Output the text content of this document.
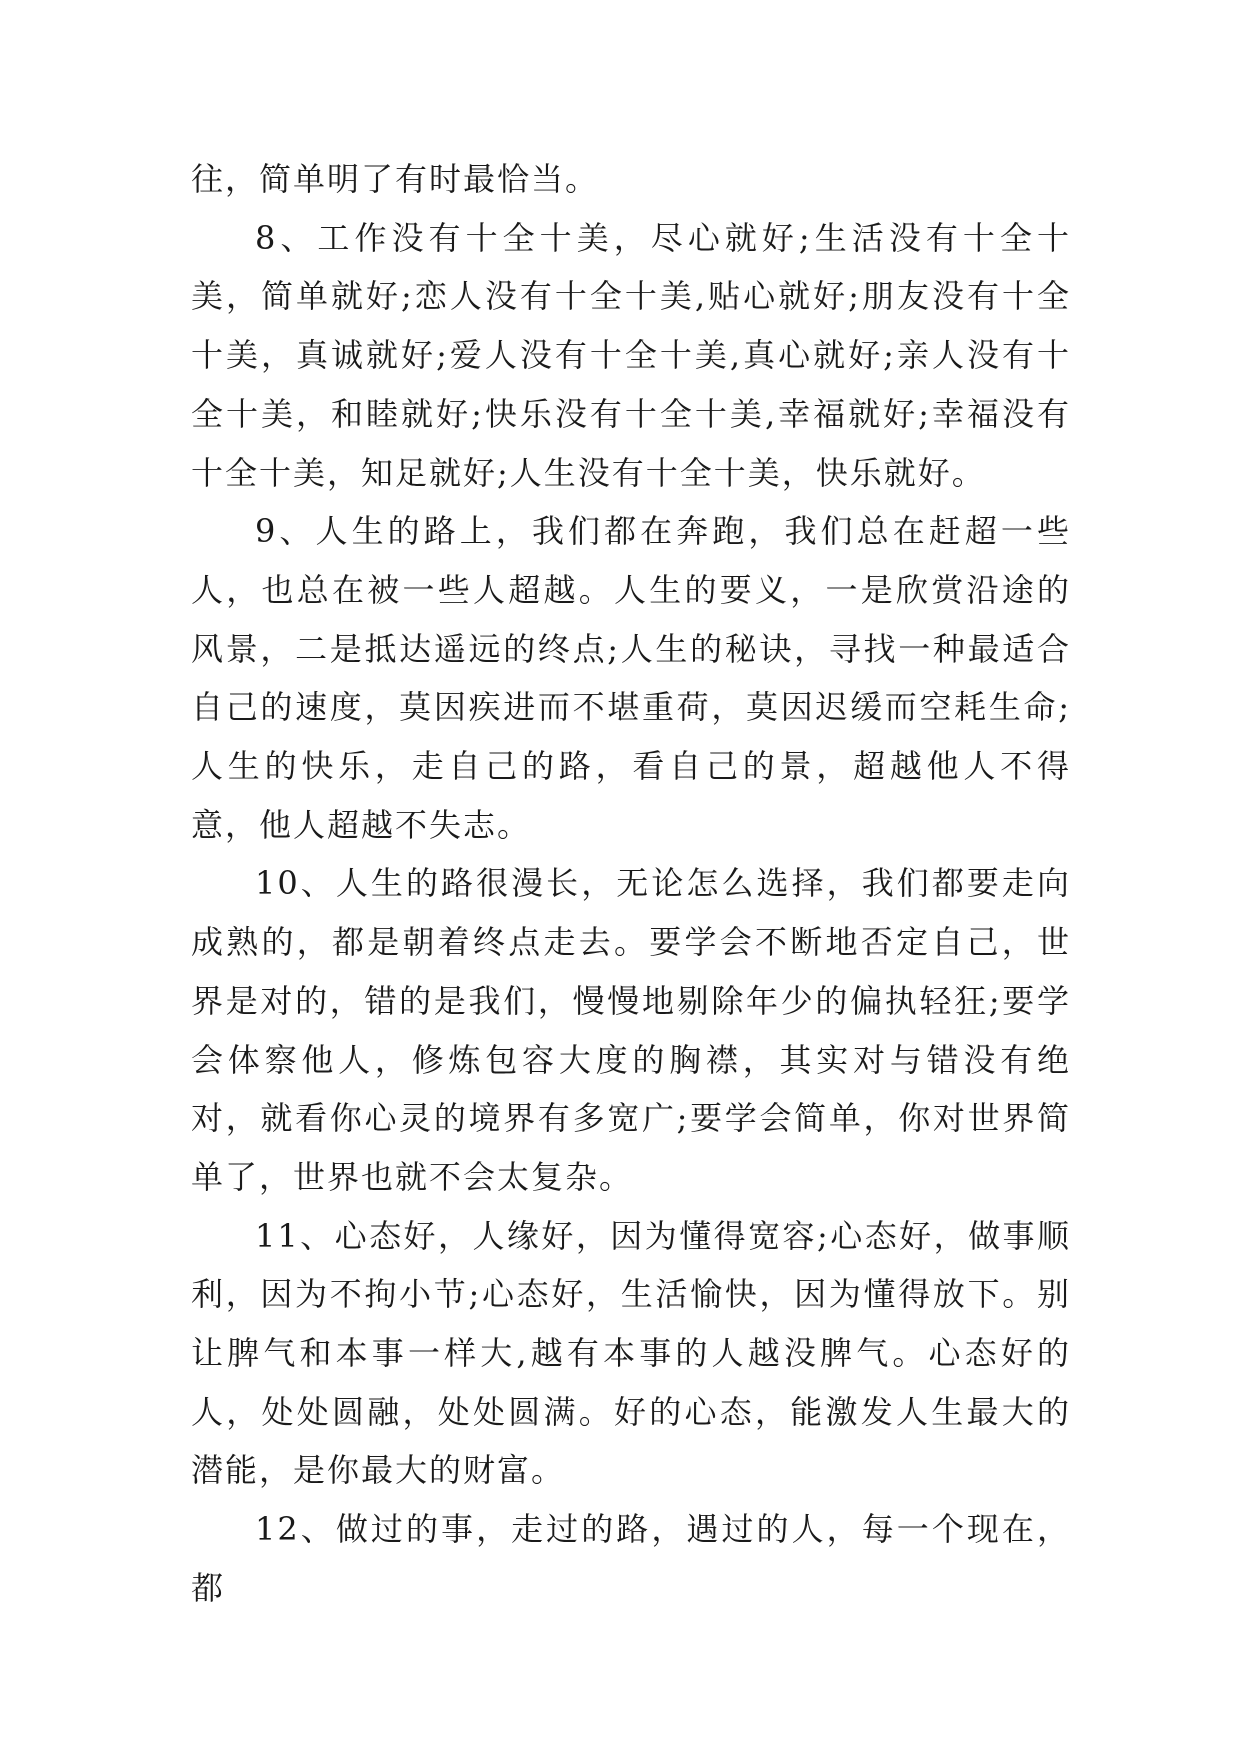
往，简单明了有时最恰当。

8、工作没有十全十美，尽心就好;生活没有十全十美，简单就好;恋人没有十全十美,贴心就好;朋友没有十全十美，真诚就好;爱人没有十全十美,真心就好;亲人没有十全十美，和睦就好;快乐没有十全十美,幸福就好;幸福没有十全十美，知足就好;人生没有十全十美，快乐就好。

9、人生的路上，我们都在奔跑，我们总在赶超一些人，也总在被一些人超越。人生的要义，一是欣赏沿途的风景，二是抵达遥远的终点;人生的秘诀，寻找一种最适合自己的速度，莫因疾进而不堪重荷，莫因迟缓而空耗生命;人生的快乐，走自己的路，看自己的景，超越他人不得意，他人超越不失志。

10、人生的路很漫长，无论怎么选择，我们都要走向成熟的，都是朝着终点走去。要学会不断地否定自己，世界是对的，错的是我们，慢慢地剔除年少的偏执轻狂;要学会体察他人，修炼包容大度的胸襟，其实对与错没有绝对，就看你心灵的境界有多宽广;要学会简单，你对世界简单了，世界也就不会太复杂。

11、心态好，人缘好，因为懂得宽容;心态好，做事顺利，因为不拘小节;心态好，生活愉快，因为懂得放下。别让脾气和本事一样大,越有本事的人越没脾气。心态好的人，处处圆融，处处圆满。好的心态，能激发人生最大的潜能，是你最大的财富。

12、做过的事，走过的路，遇过的人，每一个现在，都
